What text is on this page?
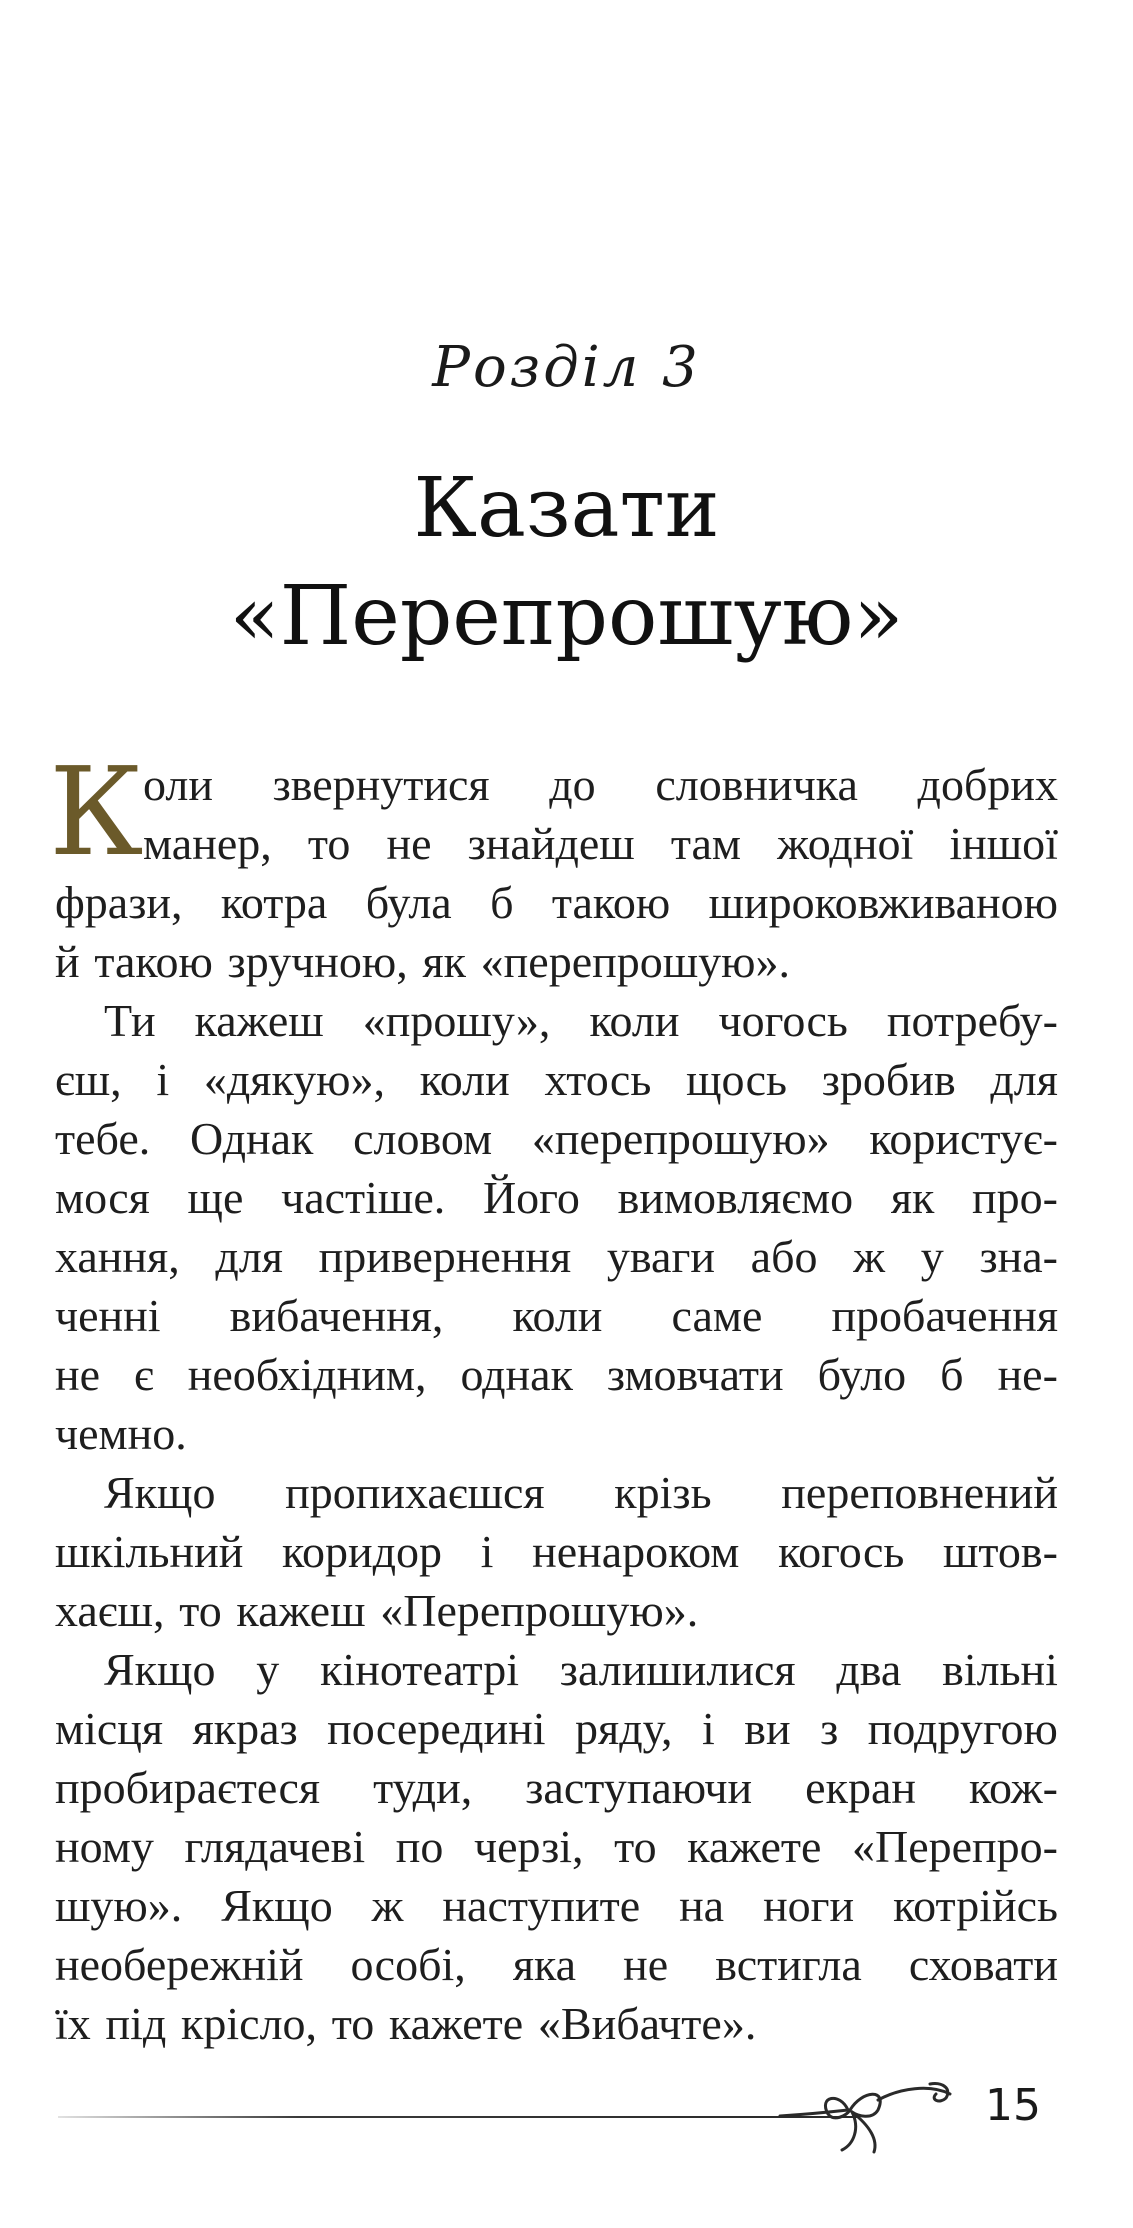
Розділ 3
Казати
«Перепрошую»
К оли звернутися до словничка добрих
манер, то не знайдеш там жодної іншої
фрази, котра була б такою широковживаною
й такою зручною, як «перепрошую».
Ти кажеш «прошу», коли чогось потребу-
єш, і «дякую», коли хтось щось зробив для
тебе. Однак словом «перепрошую» користує-
мося ще частіше. Його вимовляємо як про-
хання, для привернення уваги або ж у зна-
ченні вибачення, коли саме пробачення
не є необхідним, однак змовчати було б не-
чемно.
Якщо пропихаєшся крізь переповнений
шкільний коридор і ненароком когось штов-
хаєш, то кажеш «Перепрошую».
Якщо у кінотеатрі залишилися два вільні
місця якраз посередині ряду, і ви з подругою
пробираєтеся туди, заступаючи екран кож-
ному глядачеві по черзі, то кажете «Перепро-
шую». Якщо ж наступите на ноги котрійсь
необережній особі, яка не встигла сховати
їх під крісло, то кажете «Вибачте».
15
